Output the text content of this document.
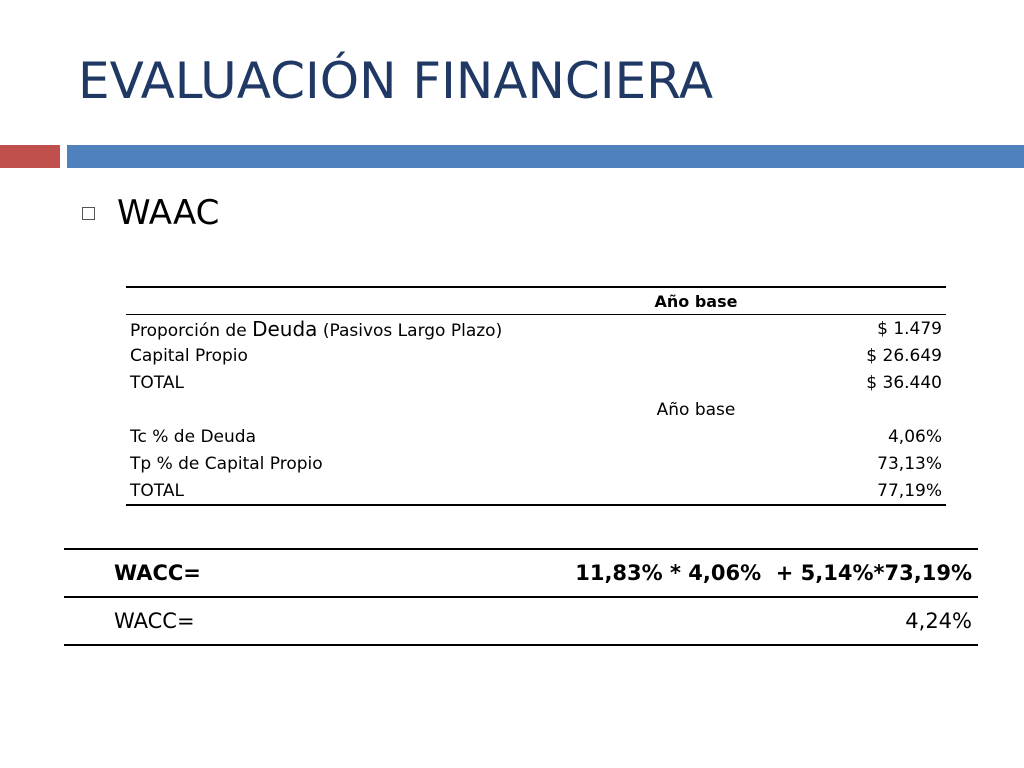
EVALUACIÓN FINANCIERA
WAAC
	Año base	
Proporción de Deuda (Pasivos Largo Plazo)		$ 1.479
Capital Propio		$ 26.649
TOTAL		$ 36.440
	Año base	
Tc % de Deuda		4,06%
Tp % de Capital Propio		73,13%
TOTAL		77,19%
WACC=	11,83% * 4,06%  + 5,14%*73,19%
WACC=	4,24%
